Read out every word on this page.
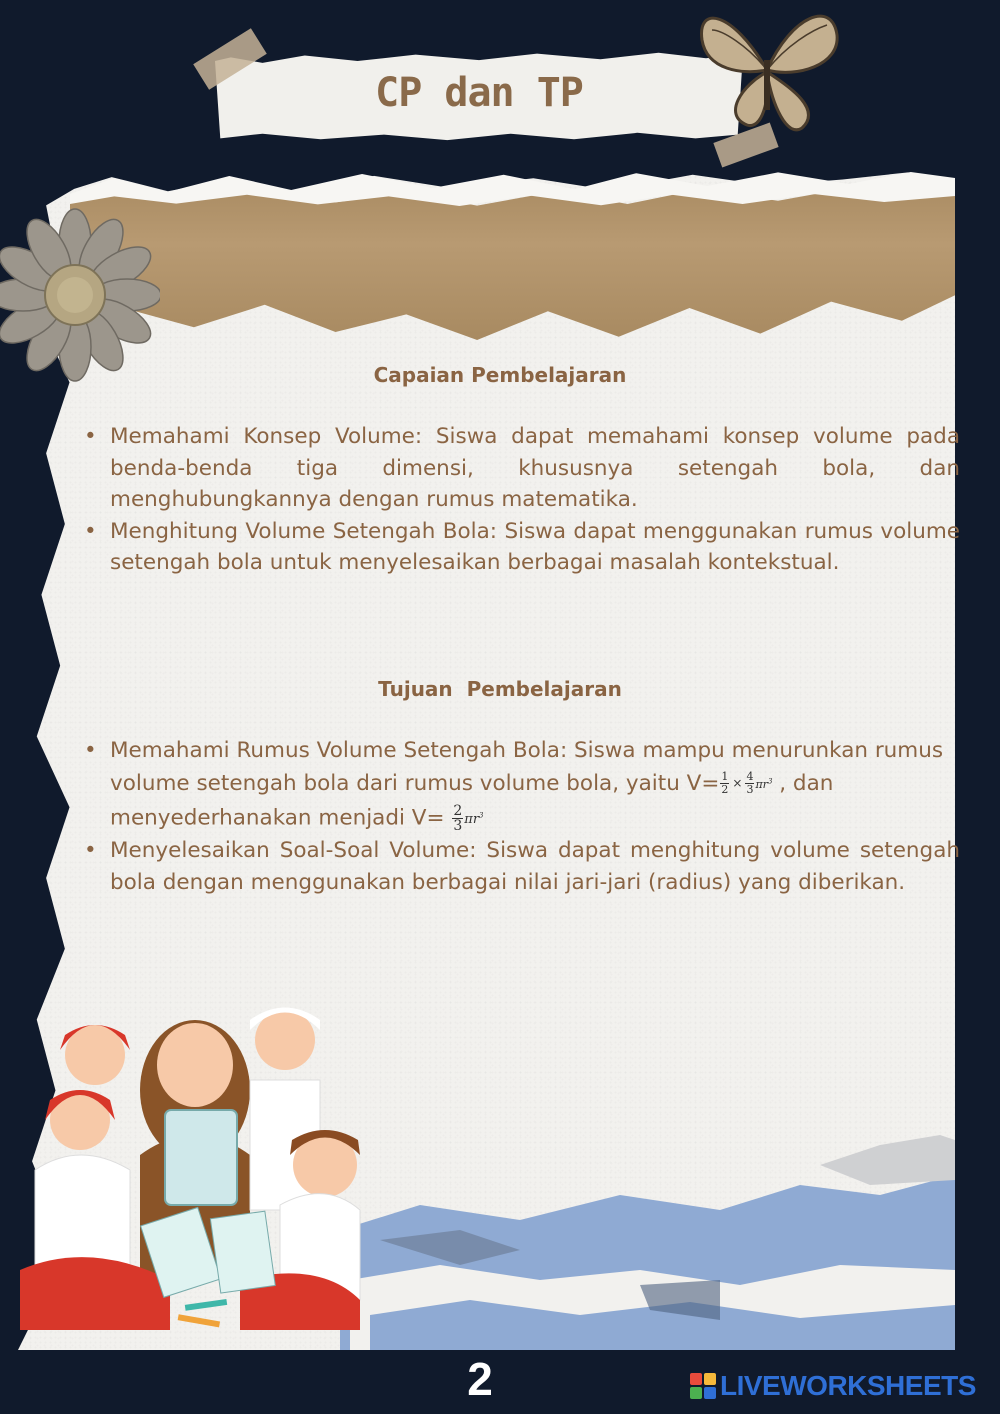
CP dan TP
Capaian Pembelajaran
• Memahami Konsep Volume: Siswa dapat memahami konsep volume pada benda-benda tiga dimensi, khususnya setengah bola, dan menghubungkannya dengan rumus matematika.
• Menghitung Volume Setengah Bola: Siswa dapat menggunakan rumus volume setengah bola untuk menyelesaikan berbagai masalah kontekstual.
Tujuan  Pembelajaran
• Memahami Rumus Volume Setengah Bola: Siswa mampu menurunkan rumus volume setengah bola dari rumus volume bola, yaitu $V= \frac{1}{2} \times \frac{4}{3} \pi r^3$ , dan menyederhanakan menjadi $V= \frac{2}{3} \pi r^3$
• Menyelesaikan Soal-Soal Volume: Siswa dapat menghitung volume setengah bola dengan menggunakan berbagai nilai jari-jari (radius) yang diberikan.
2	LIVEWORKSHEETS
